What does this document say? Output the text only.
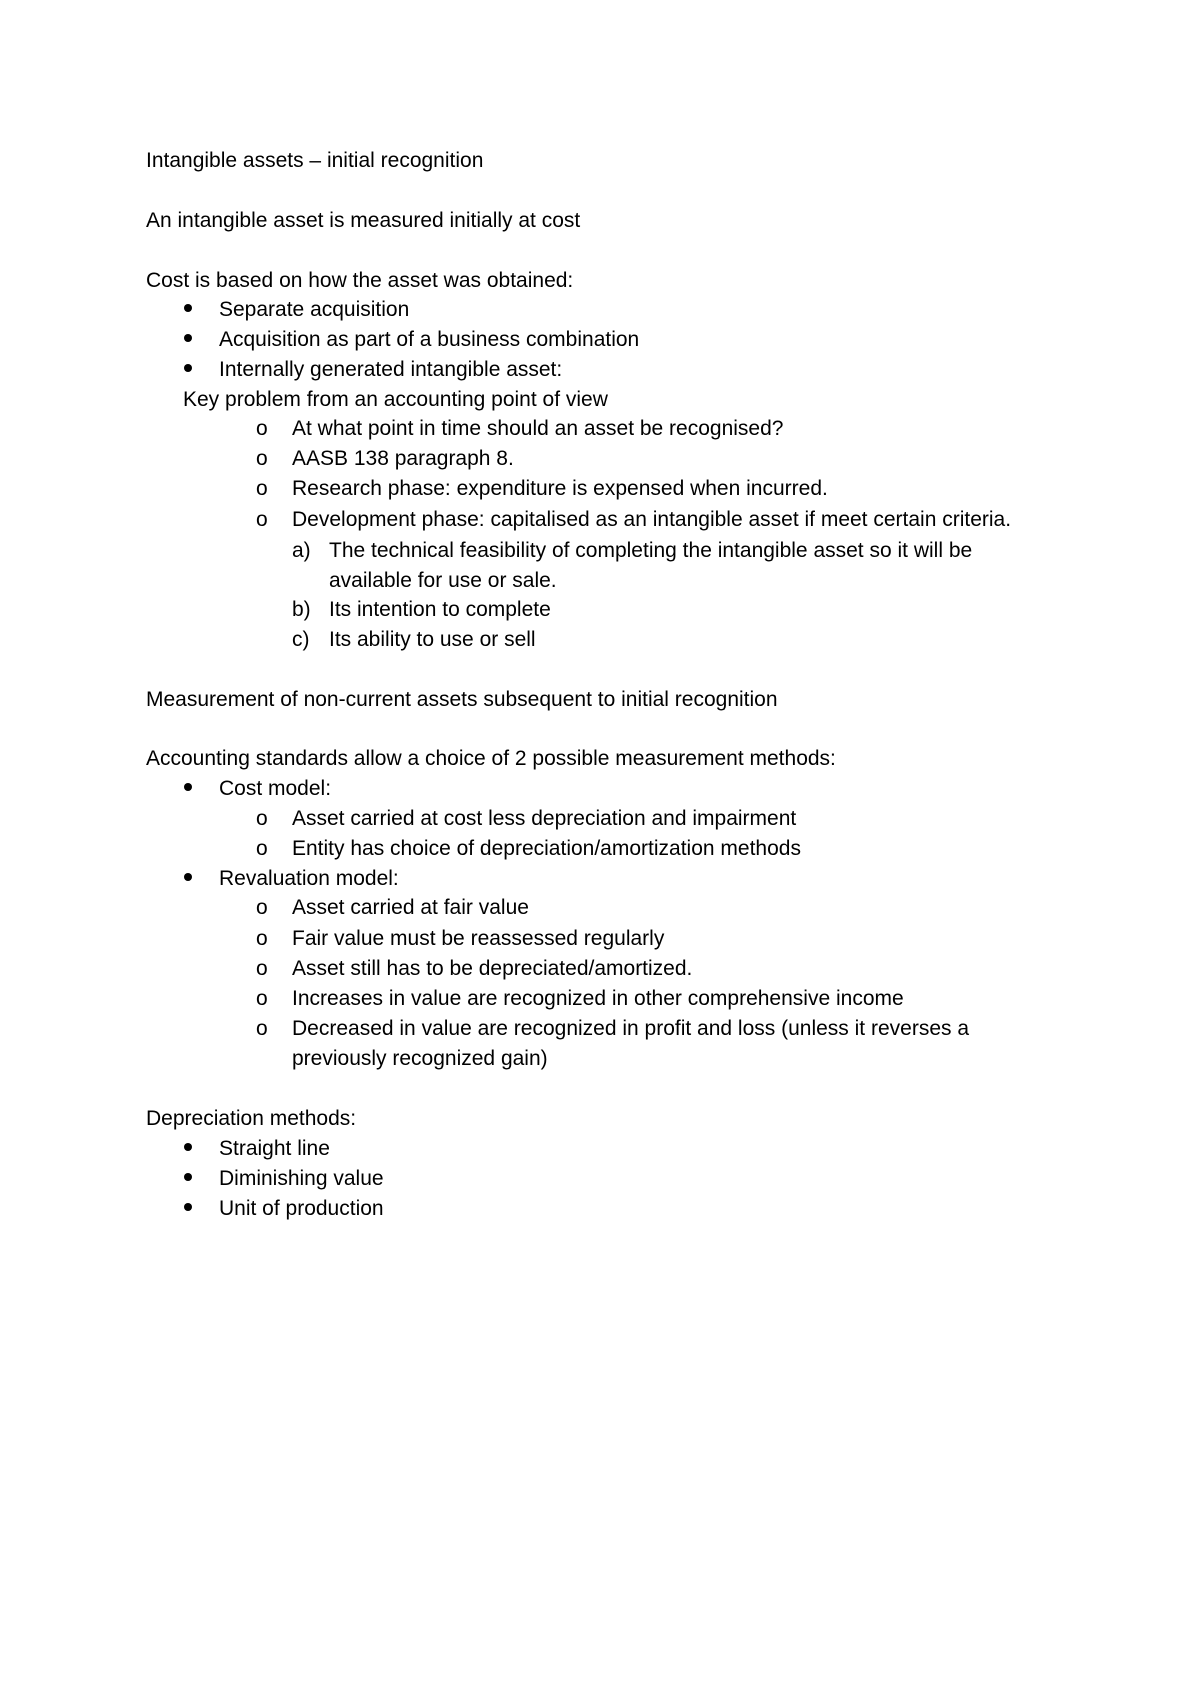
Intangible assets – initial recognition
An intangible asset is measured initially at cost
Cost is based on how the asset was obtained:
Separate acquisition
Acquisition as part of a business combination
Internally generated intangible asset:
Key problem from an accounting point of view
o At what point in time should an asset be recognised?
o AASB 138 paragraph 8.
o Research phase: expenditure is expensed when incurred.
o Development phase: capitalised as an intangible asset if meet certain criteria.
a) The technical feasibility of completing the intangible asset so it will be
available for use or sale.
b) Its intention to complete
c) Its ability to use or sell
Measurement of non-current assets subsequent to initial recognition
Accounting standards allow a choice of 2 possible measurement methods:
Cost model:
o Asset carried at cost less depreciation and impairment
o Entity has choice of depreciation/amortization methods
Revaluation model:
o Asset carried at fair value
o Fair value must be reassessed regularly
o Asset still has to be depreciated/amortized.
o Increases in value are recognized in other comprehensive income
o Decreased in value are recognized in profit and loss (unless it reverses a
previously recognized gain)
Depreciation methods:
Straight line
Diminishing value
Unit of production
